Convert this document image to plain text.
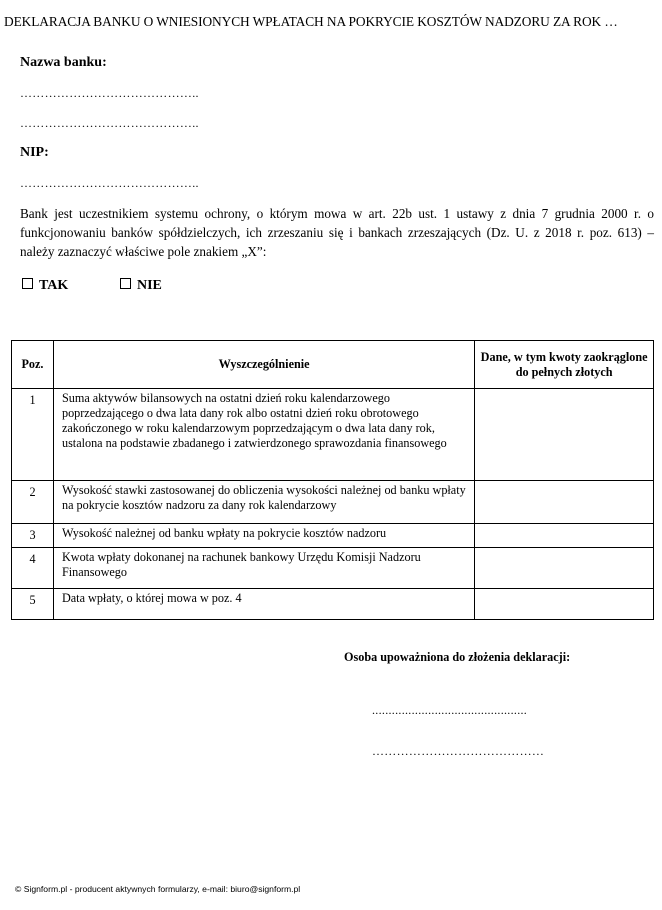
DEKLARACJA BANKU O WNIESIONYCH WPŁATACH NA POKRYCIE KOSZTÓW NADZORU ZA ROK …
Nazwa banku:
……………………………………..
……………………………………..
NIP:
……………………………………..
Bank jest uczestnikiem systemu ochrony, o którym mowa w art. 22b ust. 1 ustawy z dnia 7 grudnia 2000 r. o funkcjonowaniu banków spółdzielczych, ich zrzeszaniu się i bankach zrzeszających (Dz. U. z 2018 r. poz. 613) – należy zaznaczyć właściwe pole znakiem „X”:
TAK	NIE
Poz.	Wyszczególnienie	Dane, w tym kwoty zaokrąglone do pełnych złotych
1	Suma aktywów bilansowych na ostatni dzień roku kalendarzowego poprzedzającego o dwa lata dany rok albo ostatni dzień roku obrotowego zakończonego w roku kalendarzowym poprzedzającym o dwa lata dany rok, ustalona na podstawie zbadanego i zatwierdzonego sprawozdania finansowego	
2	Wysokość stawki zastosowanej do obliczenia wysokości należnej od banku wpłaty na pokrycie kosztów nadzoru za dany rok kalendarzowy	
3	Wysokość należnej od banku wpłaty na pokrycie kosztów nadzoru	
4	Kwota wpłaty dokonanej na rachunek bankowy Urzędu Komisji Nadzoru Finansowego	
5	Data wpłaty, o której mowa w poz. 4	
Osoba upoważniona do złożenia deklaracji:
...............................................
……………………………………
© Signform.pl - producent aktywnych formularzy, e-mail: biuro@signform.pl
